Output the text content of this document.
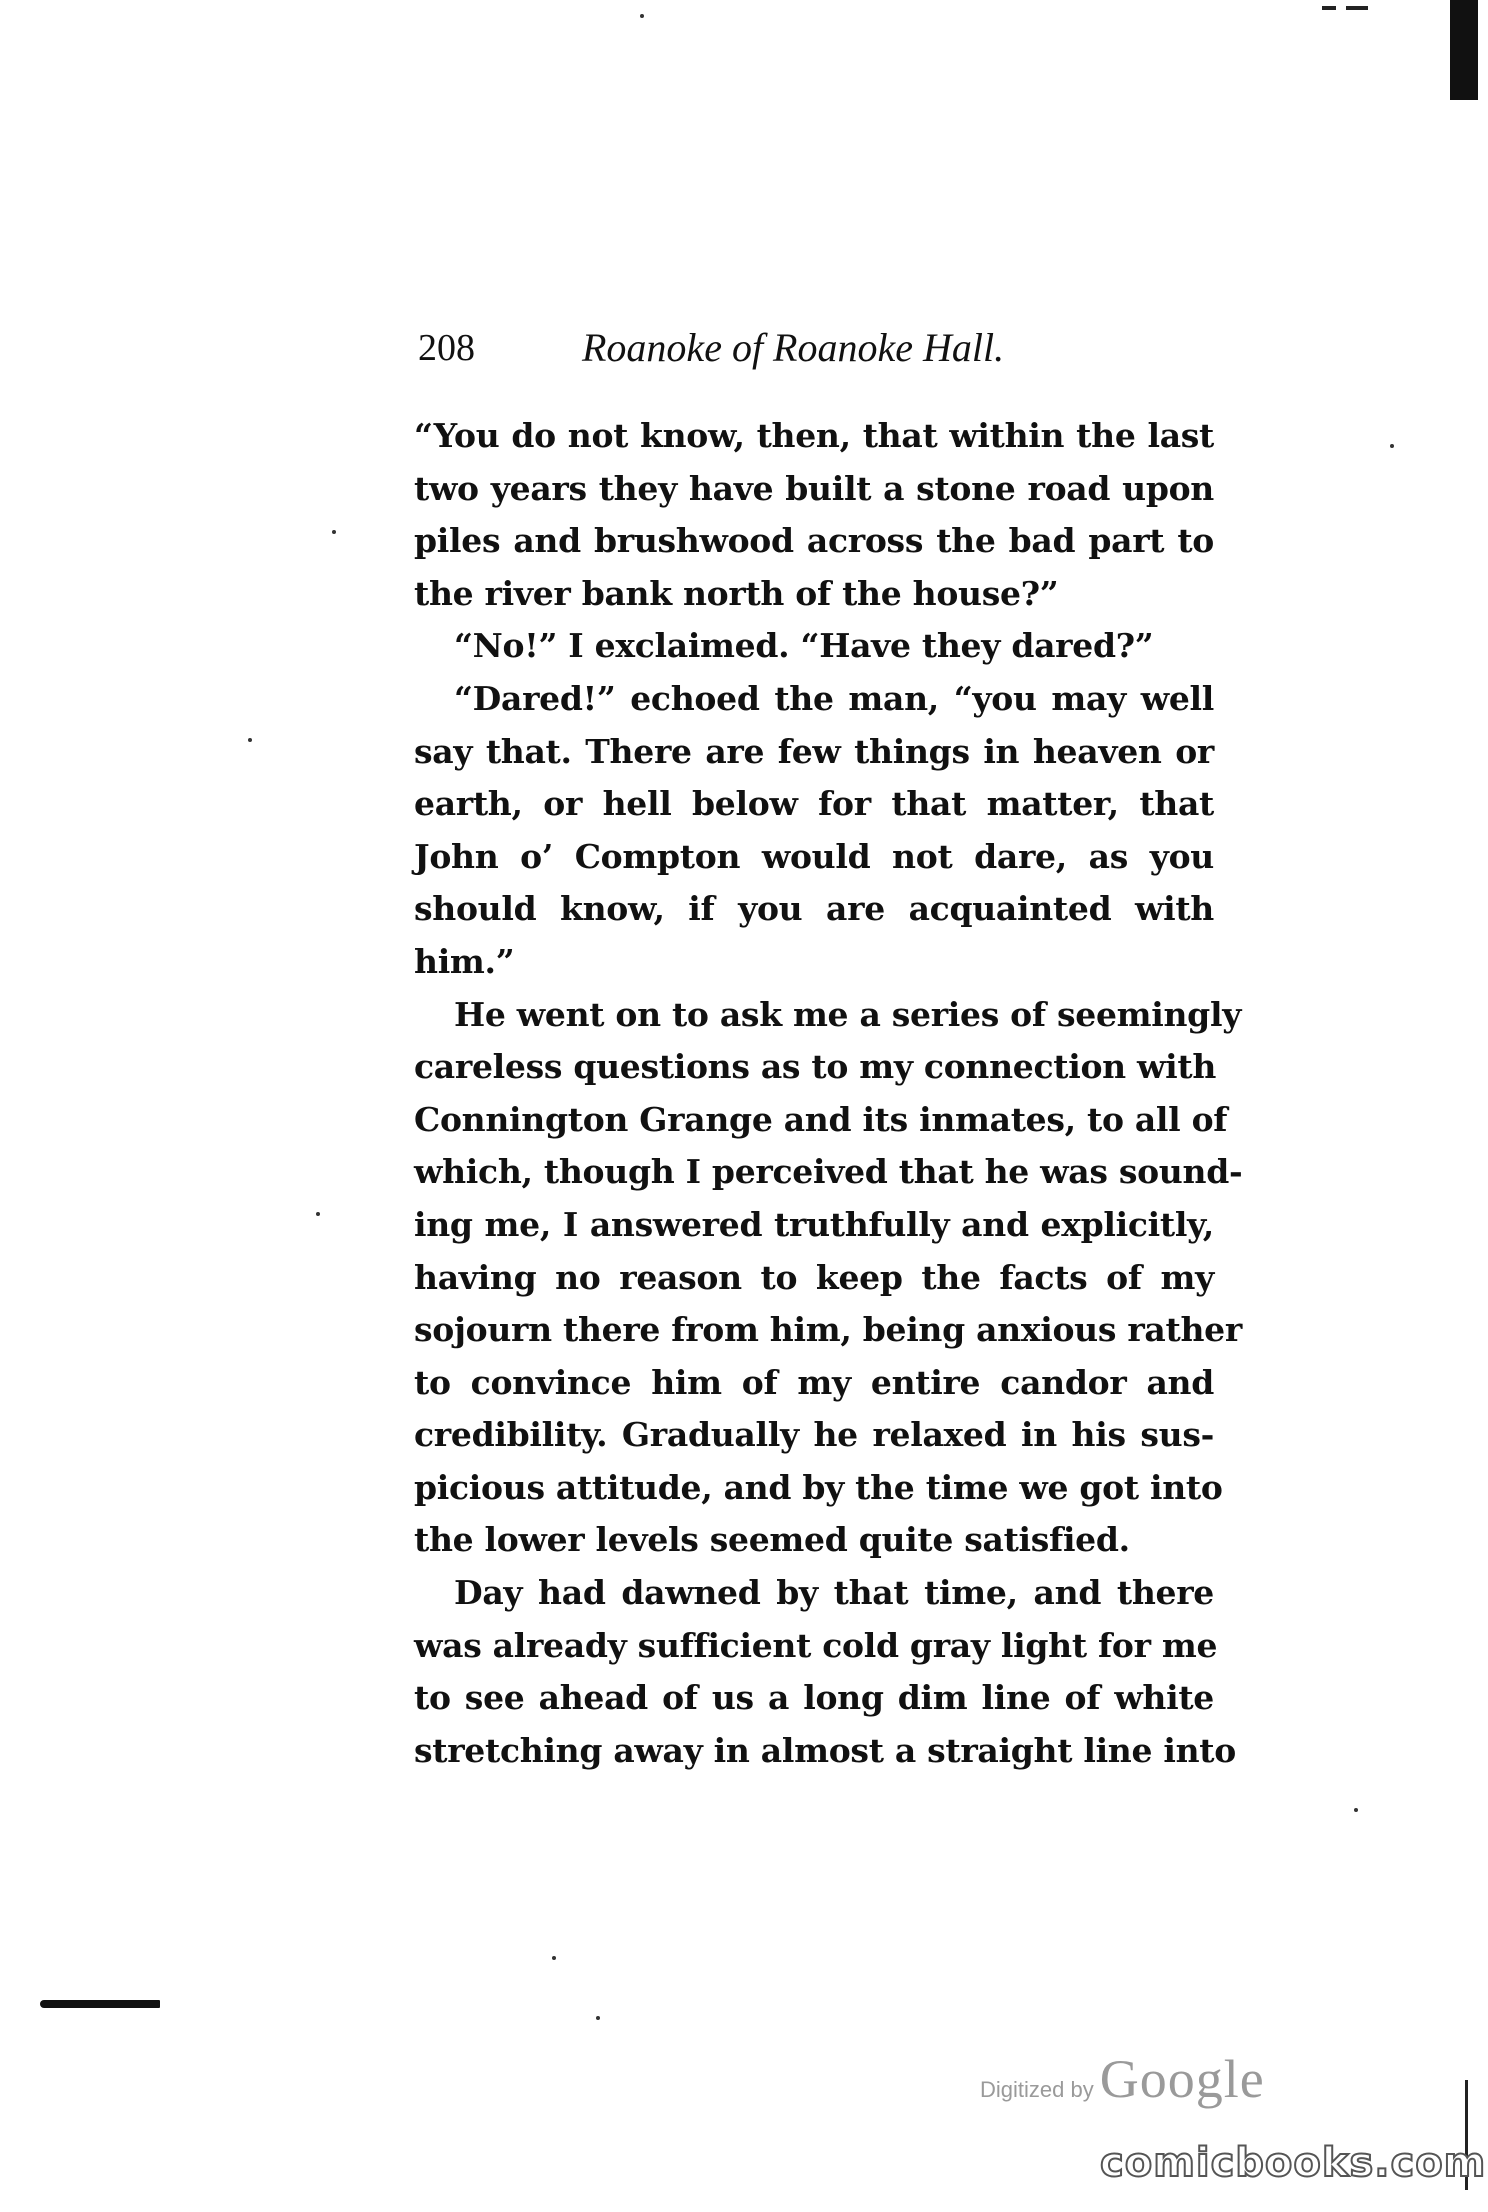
208	Roanoke of Roanoke Hall.
“You do not know, then, that within the last
two years they have built a stone road upon
piles and brushwood across the bad part to
the river bank north of the house?”
“No!” I exclaimed. “Have they dared?”
“Dared!” echoed the man, “you may well
say that. There are few things in heaven or
earth, or hell below for that matter, that
John o’ Compton would not dare, as you
should know, if you are acquainted with
him.”
He went on to ask me a series of seemingly
careless questions as to my connection with
Connington Grange and its inmates, to all of
which, though I perceived that he was sound-
ing me, I answered truthfully and explicitly,
having no reason to keep the facts of my
sojourn there from him, being anxious rather
to convince him of my entire candor and
credibility. Gradually he relaxed in his sus-
picious attitude, and by the time we got into
the lower levels seemed quite satisfied.
Day had dawned by that time, and there
was already sufficient cold gray light for me
to see ahead of us a long dim line of white
stretching away in almost a straight line into
Digitized by Google
comicbooks.com
